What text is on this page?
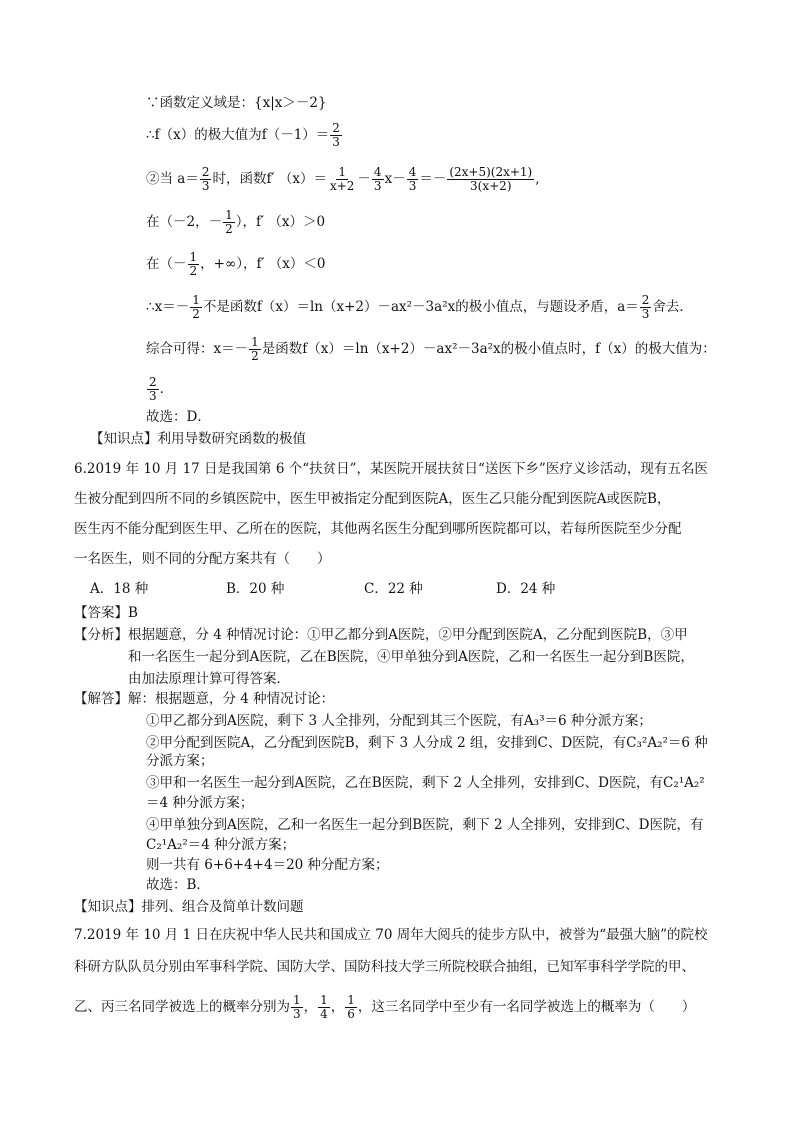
∵函数定义域是：{x|x＞－2}
∴f（x）的极大值为$f(-1)= \frac{2}{3}$
②当 $a= \frac{2}{3}$ 时，函数f′ $(x)= \frac{1}{x+2} - \frac{4}{3} x- \frac{4}{3} =- \frac{(2x+5)(2x+1)}{3(x+2)}$ ,
在（－2，－ $\frac{1}{2}$ ），f′ （x）＞0
在（－ $\frac{1}{2}$ ，+∞），f′ （x）＜0
∴x＝－ $\frac{1}{2}$ 不是函数f（x）＝ln（x+2）－ax²－3a²x的极小值点，与题设矛盾，$a= \frac{2}{3}$ 舍去．
综合可得：$x=- \frac{1}{2}$ 是函数f（x）＝ln（x+2）－ax²－3a²x的极小值点时，f（x）的极大值为：
$\frac{2}{3}$ ．
故选：D．
【知识点】利用导数研究函数的极值
6.2019 年 10 月 17 日是我国第 6 个“扶贫日”，某医院开展扶贫日“送医下乡”医疗义诊活动，现有五名医
生被分配到四所不同的乡镇医院中，医生甲被指定分配到医院A，医生乙只能分配到医院A或医院B，
医生丙不能分配到医生甲、乙所在的医院，其他两名医生分配到哪所医院都可以，若每所医院至少分配
一名医生，则不同的分配方案共有（　　）
A．18 种	B．20 种	C．22 种	D．24 种
【答案】B
【分析】根据题意，分 4 种情况讨论：①甲乙都分到A医院，②甲分配到医院A，乙分配到医院B，③甲
和一名医生一起分到A医院，乙在B医院，④甲单独分到A医院，乙和一名医生一起分到B医院，
由加法原理计算可得答案．
【解答】解：根据题意，分 4 种情况讨论：
①甲乙都分到A医院，剩下 3 人全排列，分配到其三个医院，有A₃³＝6 种分派方案；
②甲分配到医院A，乙分配到医院B，剩下 3 人分成 2 组，安排到C、D医院，有C₃²A₂²＝6 种
分派方案；
③甲和一名医生一起分到A医院，乙在B医院，剩下 2 人全排列，安排到C、D医院，有C₂¹A₂²
＝4 种分派方案；
④甲单独分到A医院，乙和一名医生一起分到B医院，剩下 2 人全排列，安排到C、D医院，有
C₂¹A₂²＝4 种分派方案；
则一共有 6+6+4+4＝20 种分配方案；
故选：B．
【知识点】排列、组合及简单计数问题
7.2019 年 10 月 1 日在庆祝中华人民共和国成立 70 周年大阅兵的徒步方队中，被誉为“最强大脑”的院校
科研方队队员分别由军事科学院、国防大学、国防科技大学三所院校联合抽组，已知军事科学学院的甲、
乙、丙三名同学被选上的概率分别为 $\frac{1}{3}$ ， $\frac{1}{4}$ ， $\frac{1}{6}$ ，这三名同学中至少有一名同学被选上的概率为（　　）
